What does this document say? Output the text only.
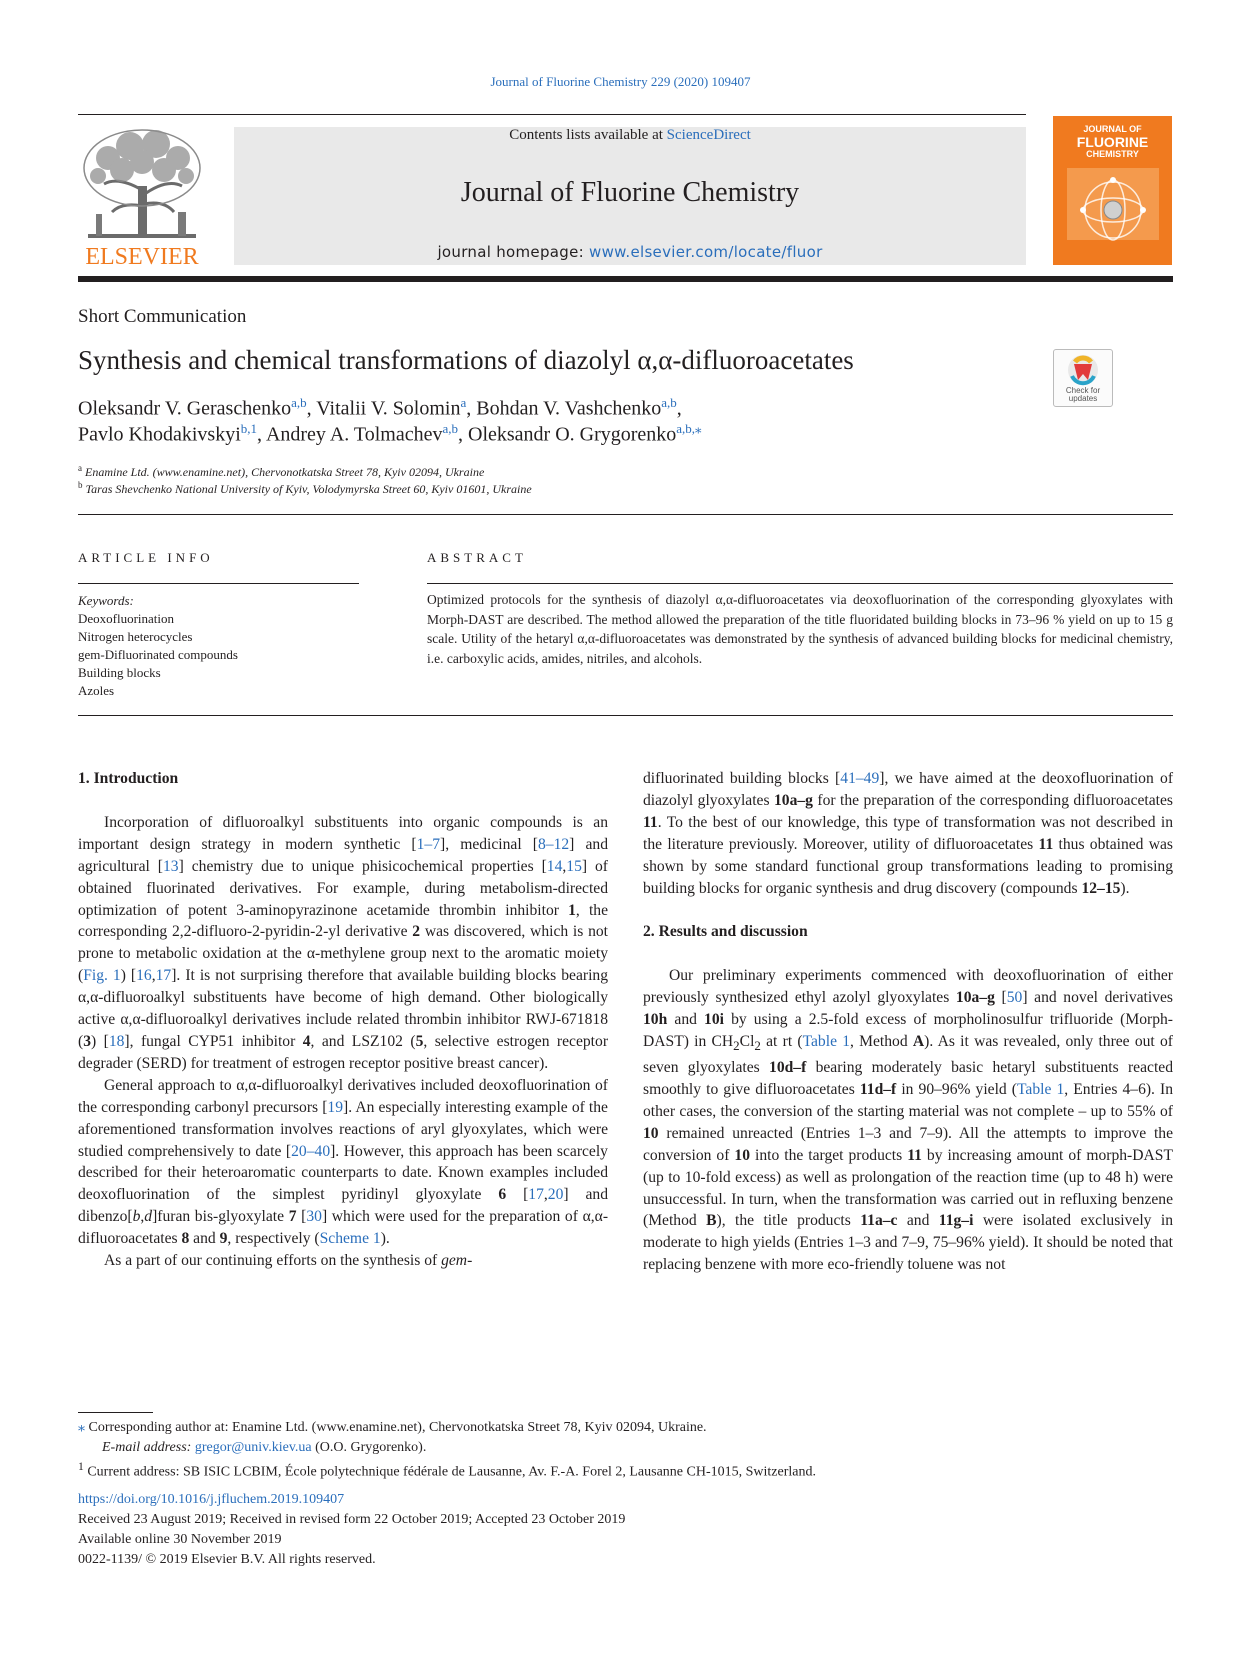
Journal of Fluorine Chemistry 229 (2020) 109407
ELSEVIER
Contents lists available at ScienceDirect
Journal of Fluorine Chemistry
journal homepage: www.elsevier.com/locate/fluor
JOURNAL OF
FLUORINE
CHEMISTRY
Short Communication
Synthesis and chemical transformations of diazolyl α,α-difluoroacetates
Check for updates
Oleksandr V. Geraschenko$^{a,b}$, Vitalii V. Solomin$^a$, Bohdan V. Vashchenko$^{a,b}$,
Pavlo Khodakivskyi$^{b,1}$, Andrey A. Tolmachev$^{a,b}$, Oleksandr O. Grygorenko$^{a,b,⁎}$
$^a$ Enamine Ltd. (www.enamine.net), Chervonotkatska Street 78, Kyiv 02094, Ukraine
$^b$ Taras Shevchenko National University of Kyiv, Volodymyrska Street 60, Kyiv 01601, Ukraine
ARTICLE INFO
Keywords:
Deoxofluorination
Nitrogen heterocycles
gem-Difluorinated compounds
Building blocks
Azoles
ABSTRACT
Optimized protocols for the synthesis of diazolyl α,α-difluoroacetates via deoxofluorination of the corresponding glyoxylates with Morph-DAST are described. The method allowed the preparation of the title fluoridated building blocks in 73–96 % yield on up to 15 g scale. Utility of the hetaryl α,α-difluoroacetates was demonstrated by the synthesis of advanced building blocks for medicinal chemistry, i.e. carboxylic acids, amides, nitriles, and alcohols.
1. Introduction

Incorporation of difluoroalkyl substituents into organic compounds is an important design strategy in modern synthetic [1–7], medicinal [8–12] and agricultural [13] chemistry due to unique phisicochemical properties [14,15] of obtained fluorinated derivatives. For example, during metabolism-directed optimization of potent 3-aminopyrazinone acetamide thrombin inhibitor 1, the corresponding 2,2-difluoro-2-pyridin-2-yl derivative 2 was discovered, which is not prone to metabolic oxidation at the α-methylene group next to the aromatic moiety (Fig. 1) [16,17]. It is not surprising therefore that available building blocks bearing α,α-difluoroalkyl substituents have become of high demand. Other biologically active α,α-difluoroalkyl derivatives include related thrombin inhibitor RWJ-671818 (3) [18], fungal CYP51 inhibitor 4, and LSZ102 (5, selective estrogen receptor degrader (SERD) for treatment of estrogen receptor positive breast cancer).

General approach to α,α-difluoroalkyl derivatives included deoxofluorination of the corresponding carbonyl precursors [19]. An especially interesting example of the aforementioned transformation involves reactions of aryl glyoxylates, which were studied comprehensively to date [20–40]. However, this approach has been scarcely described for their heteroaromatic counterparts to date. Known examples included deoxofluorination of the simplest pyridinyl glyoxylate 6 [17,20] and dibenzo[b,d]furan bis-glyoxylate 7 [30] which were used for the preparation of α,α-difluoroacetates 8 and 9, respectively (Scheme 1).

As a part of our continuing efforts on the synthesis of gem-

difluorinated building blocks [41–49], we have aimed at the deoxofluorination of diazolyl glyoxylates 10a–g for the preparation of the corresponding difluoroacetates 11. To the best of our knowledge, this type of transformation was not described in the literature previously. Moreover, utility of difluoroacetates 11 thus obtained was shown by some standard functional group transformations leading to promising building blocks for organic synthesis and drug discovery (compounds 12–15).

2. Results and discussion

Our preliminary experiments commenced with deoxofluorination of either previously synthesized ethyl azolyl glyoxylates 10a–g [50] and novel derivatives 10h and 10i by using a 2.5-fold excess of morpholinosulfur trifluoride (Morph-DAST) in $CH_2Cl_2$ at rt (Table 1, Method A). As it was revealed, only three out of seven glyoxylates 10d–f bearing moderately basic hetaryl substituents reacted smoothly to give difluoroacetates 11d–f in 90–96% yield (Table 1, Entries 4–6). In other cases, the conversion of the starting material was not complete – up to 55% of 10 remained unreacted (Entries 1–3 and 7–9). All the attempts to improve the conversion of 10 into the target products 11 by increasing amount of morph-DAST (up to 10-fold excess) as well as prolongation of the reaction time (up to 48 h) were unsuccessful. In turn, when the transformation was carried out in refluxing benzene (Method B), the title products 11a–c and 11g–i were isolated exclusively in moderate to high yields (Entries 1–3 and 7–9, 75–96% yield). It should be noted that replacing benzene with more eco-friendly toluene was not

⁎ Corresponding author at: Enamine Ltd. (www.enamine.net), Chervonotkatska Street 78, Kyiv 02094, Ukraine.
E-mail address: gregor@univ.kiev.ua (O.O. Grygorenko).
$^1$ Current address: SB ISIC LCBIM, École polytechnique fédérale de Lausanne, Av. F.-A. Forel 2, Lausanne CH-1015, Switzerland.
https://doi.org/10.1016/j.jfluchem.2019.109407
Received 23 August 2019; Received in revised form 22 October 2019; Accepted 23 October 2019
Available online 30 November 2019
0022-1139/ © 2019 Elsevier B.V. All rights reserved.
